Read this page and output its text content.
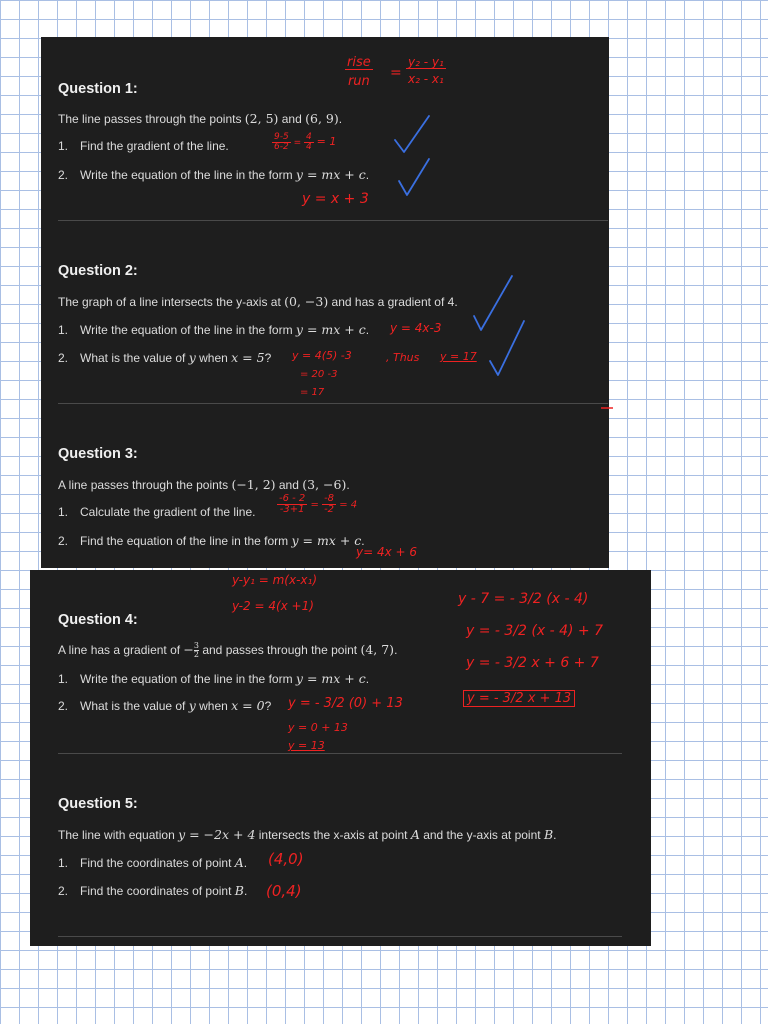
Question 1:
The line passes through the points (2, 5) and (6, 9).
1. Find the gradient of the line.
2. Write the equation of the line in the form y = mx + c.
Question 2:
The graph of a line intersects the y-axis at (0, −3) and has a gradient of 4.
1. Write the equation of the line in the form y = mx + c.
2. What is the value of y when x = 5?
Question 3:
A line passes through the points (−1, 2) and (3, −6).
1. Calculate the gradient of the line.
2. Find the equation of the line in the form y = mx + c.
Question 4:
A line has a gradient of − $\frac{3}{2}$ and passes through the point (4, 7).
1. Write the equation of the line in the form y = mx + c.
2. What is the value of y when x = 0?
Question 5:
The line with equation y = −2x + 4 intersects the x-axis at point A and the y-axis at point B.
1. Find the coordinates of point A.
2. Find the coordinates of point B.
$\frac{\text{rise}}{\text{run}} = \frac{\text{y₂ - y₁}}{\text{x₂ - x₁}}$
$\frac{9-5}{6-2} = \frac{4}{4} = 1$
y = x + 3
y = 4x-3
y = 4(5) -3
= 20 -3
= 17
, Thus y = 17
$\frac{-6 - 2}{-3+1} = \frac{-8}{-2} = 4$
y= 4x + 6
y-y₁ = m(x-x₁)
y-2 = 4(x +1)	y - 7 = - 3/2 (x - 4)
y = - 3/2 (x - 4) + 7
y = - 3/2 x + 6 + 7
y = - 3/2 x + 13
y = - 3/2 (0) + 13
y = 0 + 13
y = 13
(4,0)
(0,4)
